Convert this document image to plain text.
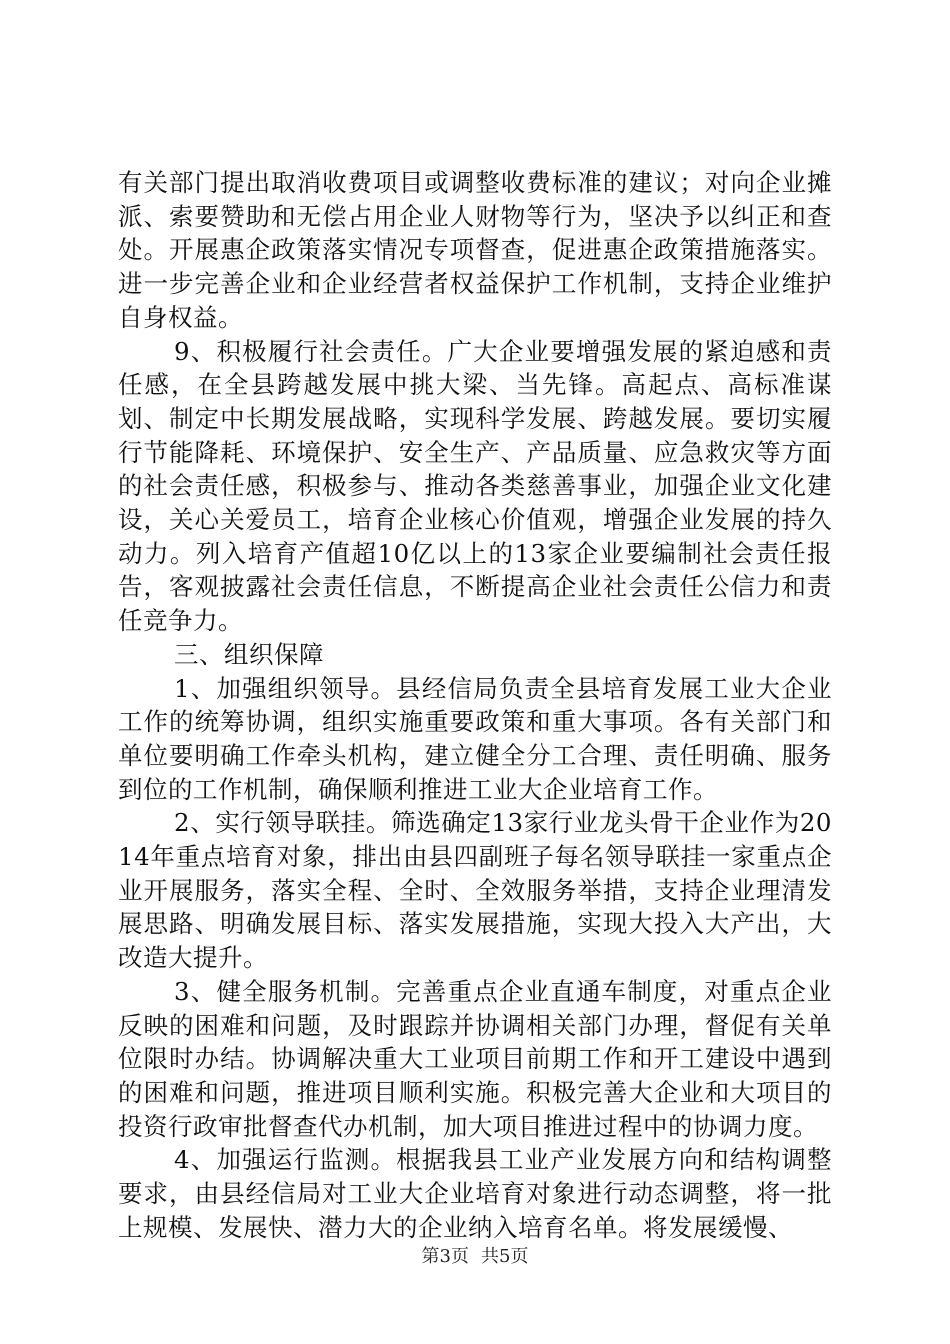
有关部门提出取消收费项目或调整收费标准的建议；对向企业摊派、索要赞助和无偿占用企业人财物等行为，坚决予以纠正和查处。开展惠企政策落实情况专项督查，促进惠企政策措施落实。进一步完善企业和企业经营者权益保护工作机制，支持企业维护自身权益。

9、积极履行社会责任。广大企业要增强发展的紧迫感和责任感，在全县跨越发展中挑大梁、当先锋。高起点、高标准谋划、制定中长期发展战略，实现科学发展、跨越发展。要切实履行节能降耗、环境保护、安全生产、产品质量、应急救灾等方面的社会责任感，积极参与、推动各类慈善事业，加强企业文化建设，关心关爱员工，培育企业核心价值观，增强企业发展的持久动力。列入培育产值超10亿以上的13家企业要编制社会责任报告，客观披露社会责任信息，不断提高企业社会责任公信力和责任竞争力。

三、组织保障

1、加强组织领导。县经信局负责全县培育发展工业大企业工作的统筹协调，组织实施重要政策和重大事项。各有关部门和单位要明确工作牵头机构，建立健全分工合理、责任明确、服务到位的工作机制，确保顺利推进工业大企业培育工作。

2、实行领导联挂。筛选确定13家行业龙头骨干企业作为2014年重点培育对象，排出由县四副班子每名领导联挂一家重点企业开展服务，落实全程、全时、全效服务举措，支持企业理清发展思路、明确发展目标、落实发展措施，实现大投入大产出，大改造大提升。

3、健全服务机制。完善重点企业直通车制度，对重点企业反映的困难和问题，及时跟踪并协调相关部门办理，督促有关单位限时办结。协调解决重大工业项目前期工作和开工建设中遇到的困难和问题，推进项目顺利实施。积极完善大企业和大项目的投资行政审批督查代办机制，加大项目推进过程中的协调力度。

4、加强运行监测。根据我县工业产业发展方向和结构调整要求，由县经信局对工业大企业培育对象进行动态调整，将一批上规模、发展快、潜力大的企业纳入培育名单。将发展缓慢、

第3页 共5页
